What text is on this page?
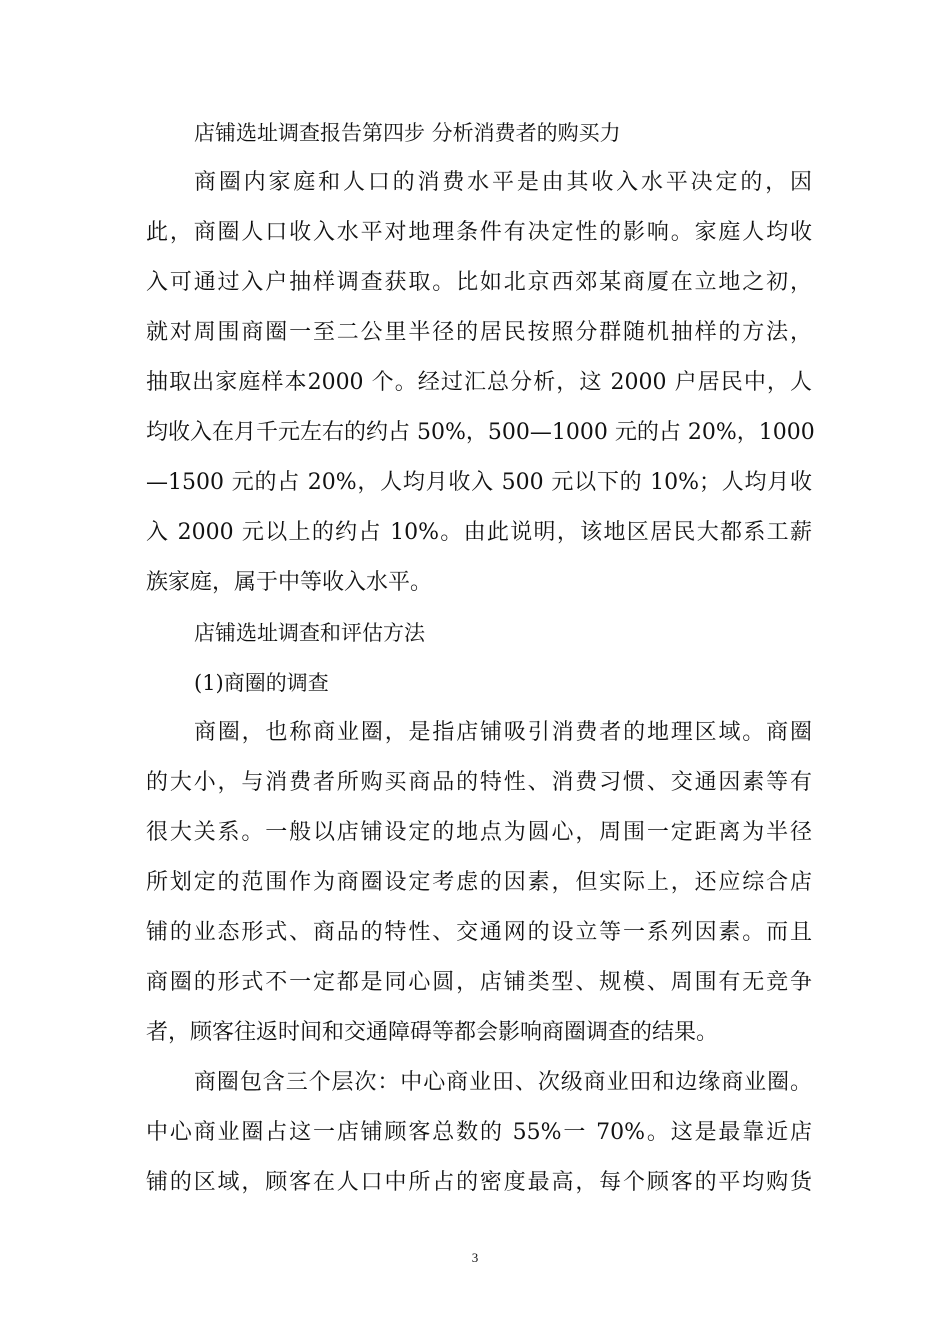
店铺选址调查报告第四步 分析消费者的购买力

商圈内家庭和人口的消费水平是由其收入水平决定的，因

此，商圈人口收入水平对地理条件有决定性的影响。家庭人均收

入可通过入户抽样调查获取。比如北京西郊某商厦在立地之初，

就对周围商圈一至二公里半径的居民按照分群随机抽样的方法，

抽取出家庭样本2000 个。经过汇总分析，这 2000 户居民中，人

均收入在月千元左右的约占 50%，500—1000 元的占 20%，1000

—1500 元的占 20%，人均月收入 500 元以下的 10%；人均月收

入 2000 元以上的约占 10%。由此说明，该地区居民大都系工薪

族家庭，属于中等收入水平。

店铺选址调查和评估方法

(1)商圈的调查

商圈，也称商业圈，是指店铺吸引消费者的地理区域。商圈

的大小，与消费者所购买商品的特性、消费习惯、交通因素等有

很大关系。一般以店铺设定的地点为圆心，周围一定距离为半径

所划定的范围作为商圈设定考虑的因素，但实际上，还应综合店

铺的业态形式、商品的特性、交通网的设立等一系列因素。而且

商圈的形式不一定都是同心圆，店铺类型、规模、周围有无竞争

者，顾客往返时间和交通障碍等都会影响商圈调查的结果。

商圈包含三个层次：中心商业田、次级商业田和边缘商业圈。

中心商业圈占这一店铺顾客总数的 55%一 70%。这是最靠近店

铺的区域，顾客在人口中所占的密度最高，每个顾客的平均购货

3
